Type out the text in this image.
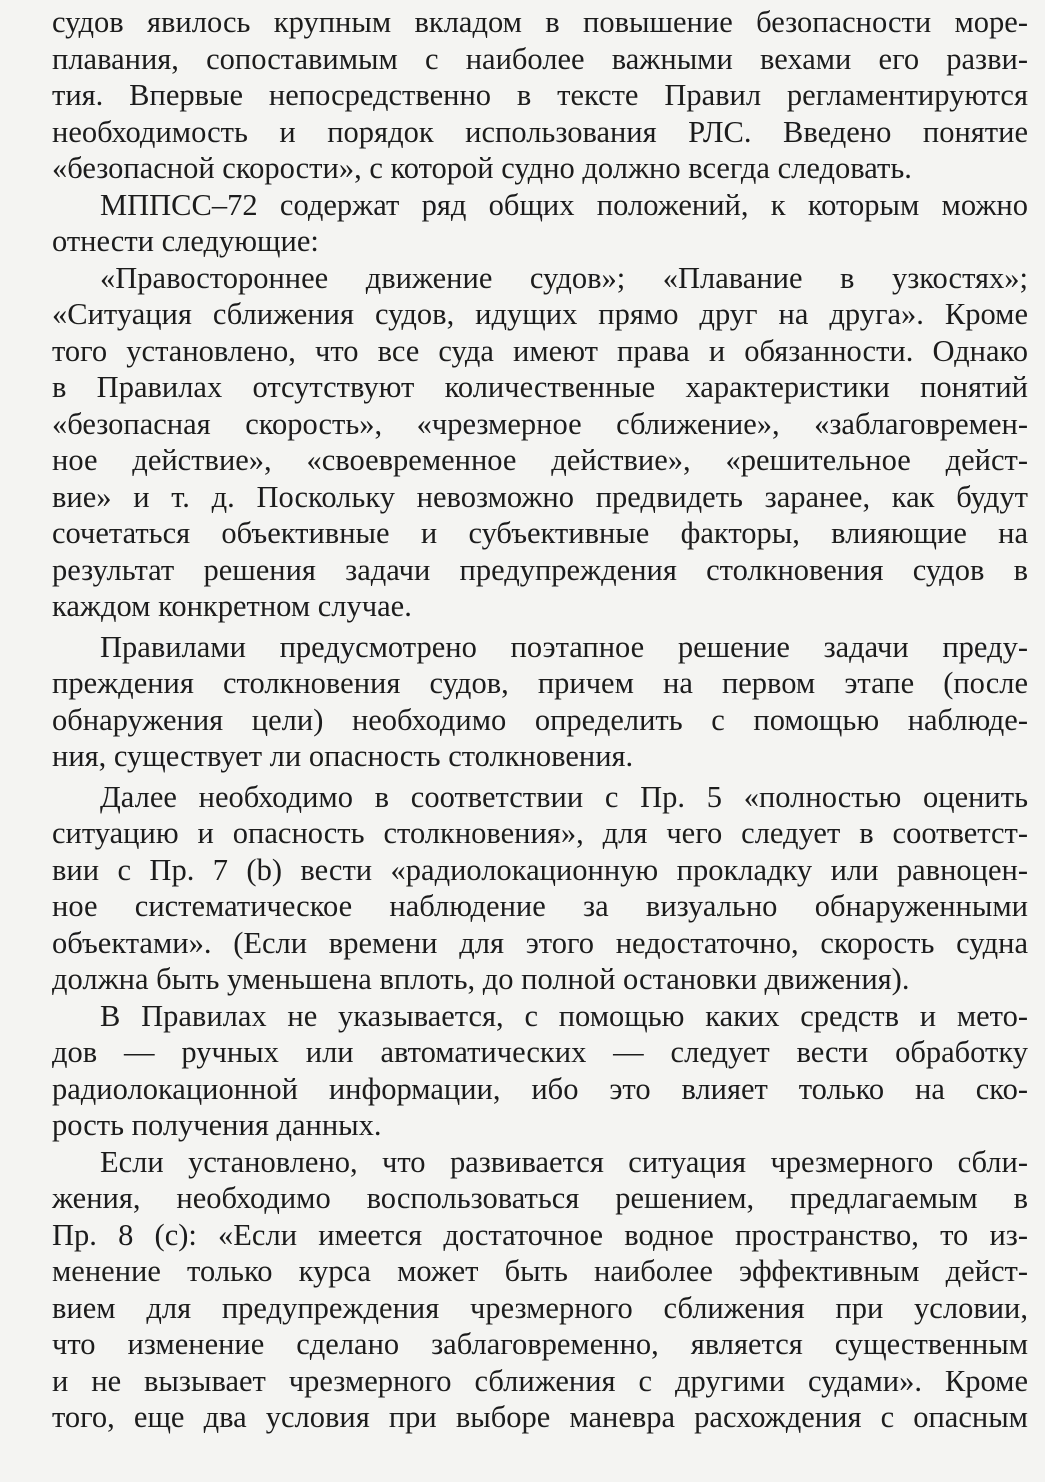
судов явилось крупным вкладом в повышение безопасности море-
плавания, сопоставимым с наиболее важными вехами его разви-
тия. Впервые непосредственно в тексте Правил регламентируются
необходимость и порядок использования РЛС. Введено понятие
«безопасной скорости», с которой судно должно всегда следовать.
МППСС–72 содержат ряд общих положений, к которым можно
отнести следующие:
«Правостороннее движение судов»; «Плавание в узкостях»;
«Ситуация сближения судов, идущих прямо друг на друга». Кроме
того установлено, что все суда имеют права и обязанности. Однако
в Правилах отсутствуют количественные характеристики понятий
«безопасная скорость», «чрезмерное сближение», «заблаговремен-
ное действие», «своевременное действие», «решительное дейст-
вие» и т. д. Поскольку невозможно предвидеть заранее, как будут
сочетаться объективные и субъективные факторы, влияющие на
результат решения задачи предупреждения столкновения судов в
каждом конкретном случае.
Правилами предусмотрено поэтапное решение задачи преду-
преждения столкновения судов, причем на первом этапе (после
обнаружения цели) необходимо определить с помощью наблюде-
ния, существует ли опасность столкновения.
Далее необходимо в соответствии с Пр. 5 «полностью оценить
ситуацию и опасность столкновения», для чего следует в соответст-
вии с Пр. 7 (b) вести «радиолокационную прокладку или равноцен-
ное систематическое наблюдение за визуально обнаруженными
объектами». (Если времени для этого недостаточно, скорость судна
должна быть уменьшена вплоть, до полной остановки движения).
В Правилах не указывается, с помощью каких средств и мето-
дов — ручных или автоматических — следует вести обработку
радиолокационной информации, ибо это влияет только на ско-
рость получения данных.
Если установлено, что развивается ситуация чрезмерного сбли-
жения, необходимо воспользоваться решением, предлагаемым в
Пр. 8 (с): «Если имеется достаточное водное пространство, то из-
менение только курса может быть наиболее эффективным дейст-
вием для предупреждения чрезмерного сближения при условии,
что изменение сделано заблаговременно, является существенным
и не вызывает чрезмерного сближения с другими судами». Кроме
того, еще два условия при выборе маневра расхождения с опасным
